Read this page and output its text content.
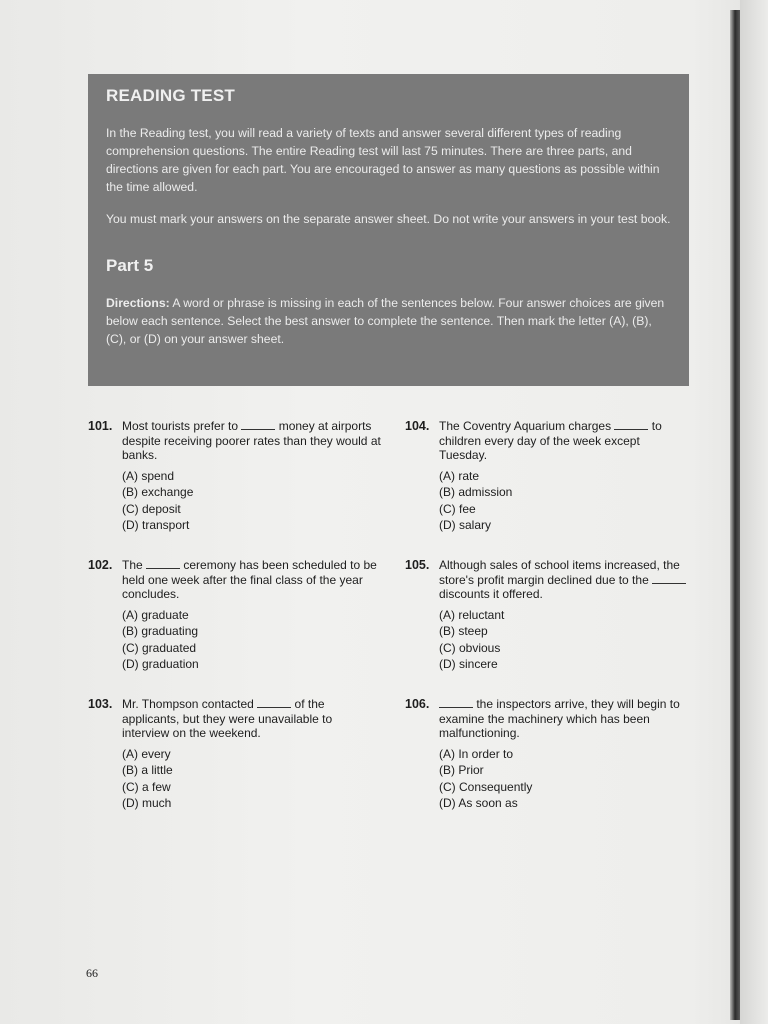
READING TEST

In the Reading test, you will read a variety of texts and answer several different types of reading comprehension questions. The entire Reading test will last 75 minutes. There are three parts, and directions are given for each part. You are encouraged to answer as many questions as possible within the time allowed.

You must mark your answers on the separate answer sheet. Do not write your answers in your test book.

Part 5

Directions: A word or phrase is missing in each of the sentences below. Four answer choices are given below each sentence. Select the best answer to complete the sentence. Then mark the letter (A), (B), (C), or (D) on your answer sheet.

101. Most tourists prefer to	money at airports despite receiving poorer rates than they would at banks.

(A) spend

(B) exchange

(C) deposit

(D) transport

102. The	ceremony has been scheduled to be held one week after the final class of the year concludes.

(A) graduate

(B) graduating

(C) graduated

(D) graduation

103. Mr. Thompson contacted	of the applicants, but they were unavailable to interview on the weekend.

(A) every

(B) a little

(C) a few

(D) much

104. The Coventry Aquarium charges	to children every day of the week except Tuesday.

(A) rate

(B) admission

(C) fee

(D) salary

105. Although sales of school items increased, the store's profit margin declined due to the  discounts it offered.

(A) reluctant

(B) steep

(C) obvious

(D) sincere

106.	the inspectors arrive, they will begin to examine the machinery which has been malfunctioning.

(A) In order to

(B) Prior

(C) Consequently

(D) As soon as

66
